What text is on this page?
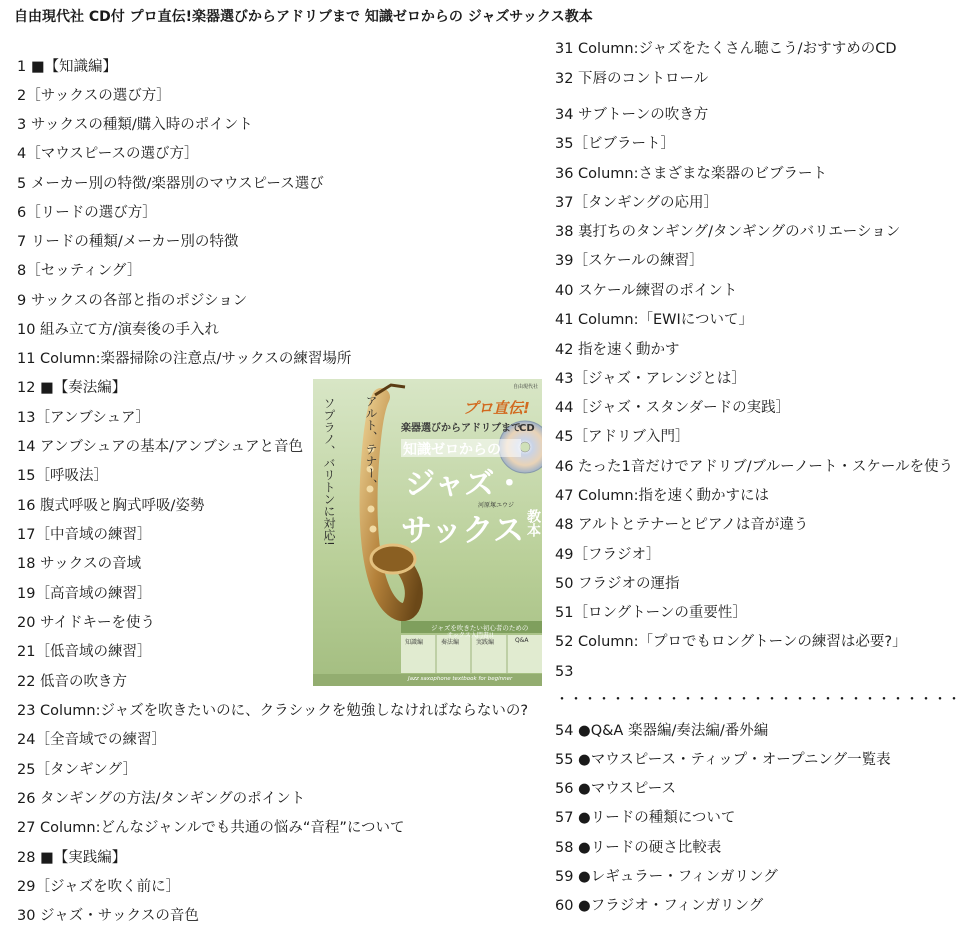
自由現代社 CD付 プロ直伝!楽器選びからアドリブまで 知識ゼロからの ジャズサックス教本
1 ■【知識編】
2［サックスの選び方］
3 サックスの種類/購入時のポイント
4［マウスピースの選び方］
5 メーカー別の特徴/楽器別のマウスピース選び
6［リードの選び方］
7 リードの種類/メーカー別の特徴
8［セッティング］
9 サックスの各部と指のポジション
10 組み立て方/演奏後の手入れ
11 Column:楽器掃除の注意点/サックスの練習場所
12 ■【奏法編】
13［アンブシュア］
14 アンブシュアの基本/アンブシュアと音色
15［呼吸法］
16 腹式呼吸と胸式呼吸/姿勢
17［中音域の練習］
18 サックスの音域
19［高音域の練習］
20 サイドキーを使う
21［低音域の練習］
22 低音の吹き方
23 Column:ジャズを吹きたいのに、クラシックを勉強しなければならないの?
24［全音域での練習］
25［タンギング］
26 タンギングの方法/タンギングのポイント
27 Column:どんなジャンルでも共通の悩み“音程”について
28 ■【実践編】
29［ジャズを吹く前に］
30 ジャズ・サックスの音色
31 Column:ジャズをたくさん聴こう/おすすめのCD
32 下唇のコントロール
34 サブトーンの吹き方
35［ビブラート］
36 Column:さまざまな楽器のビブラート
37［タンギングの応用］
38 裏打ちのタンギング/タンギングのバリエーション
39［スケールの練習］
40 スケール練習のポイント
41 Column:「EWIについて」
42 指を速く動かす
43［ジャズ・アレンジとは］
44［ジャズ・スタンダードの実践］
45［アドリブ入門］
46 たった1音だけでアドリブ/ブルーノート・スケールを使う
47 Column:指を速く動かすには
48 アルトとテナーとピアノは音が違う
49［フラジオ］
50 フラジオの運指
51［ロングトーンの重要性］
52 Column:「プロでもロングトーンの練習は必要?」
53
54 ●Q&A 楽器編/奏法編/番外編
55 ●マウスピース・ティップ・オープニング一覧表
56 ●マウスピース
57 ●リードの種類について
58 ●リードの硬さ比較表
59 ●レギュラー・フィンガリング
60 ●フラジオ・フィンガリング
・・・・・・・・・・・・・・・・・・・・・・・・・・・・・
自由現代社
プロ直伝!
楽器選びからアドリブまで
CD
知識ゼロからの
ジャズ・
河原塚ユウジ
サックス 教本
アルト、テナー、
ソプラノ、バリトンに対応!
ジャズを吹きたい初心者のための
サックス入門書!!
知識編	奏法編	実践編	Q&A
Jazz saxophone textbook for beginner
